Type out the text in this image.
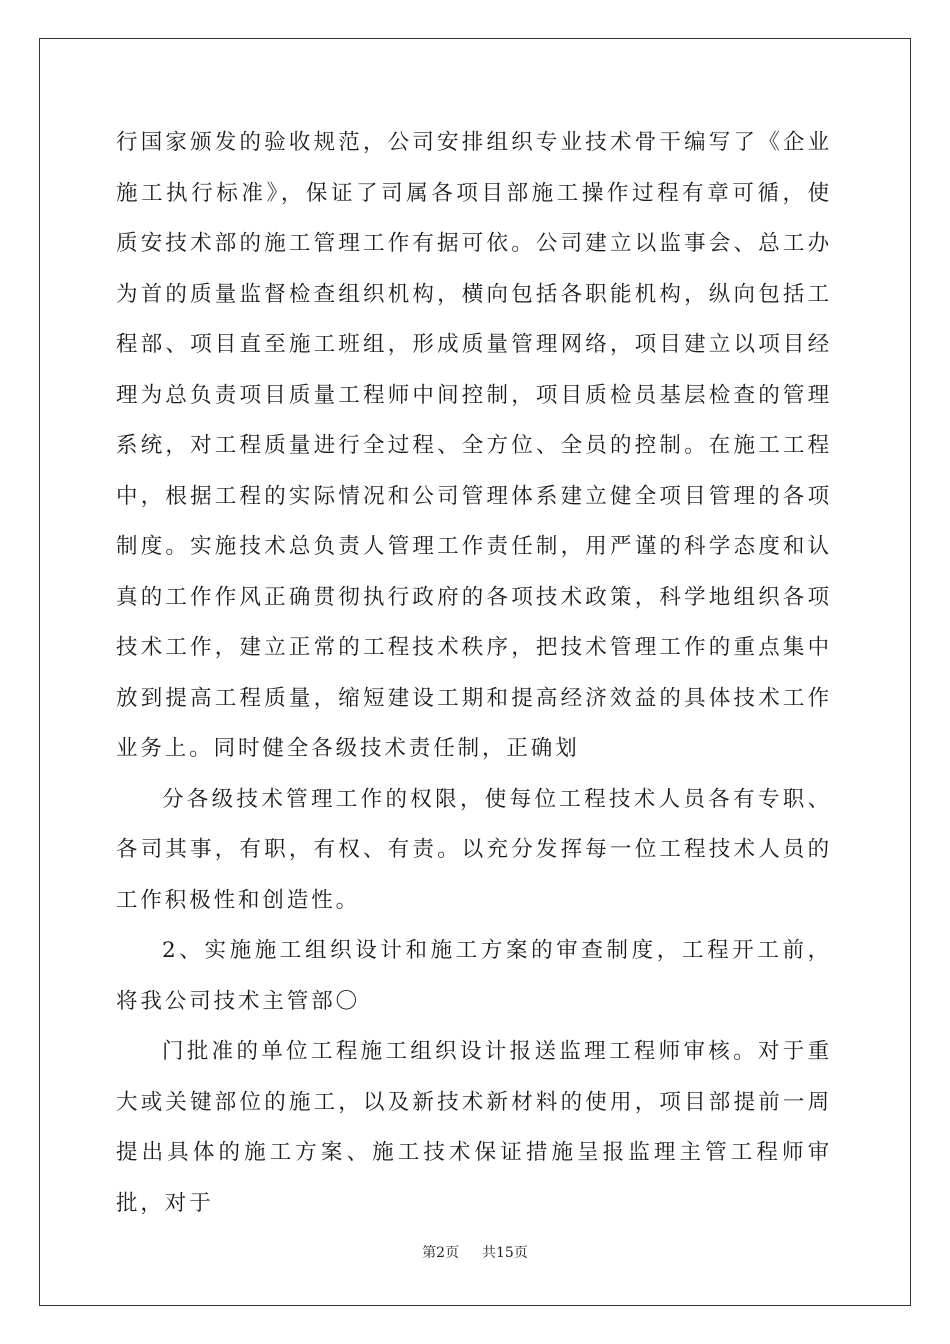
行国家颁发的验收规范，公司安排组织专业技术骨干编写了《企业施工执行标准》，保证了司属各项目部施工操作过程有章可循，使质安技术部的施工管理工作有据可依。公司建立以监事会、总工办为首的质量监督检查组织机构，横向包括各职能机构，纵向包括工程部、项目直至施工班组，形成质量管理网络，项目建立以项目经理为总负责项目质量工程师中间控制，项目质检员基层检查的管理系统，对工程质量进行全过程、全方位、全员的控制。在施工工程中，根据工程的实际情况和公司管理体系建立健全项目管理的各项制度。实施技术总负责人管理工作责任制，用严谨的科学态度和认真的工作作风正确贯彻执行政府的各项技术政策，科学地组织各项技术工作，建立正常的工程技术秩序，把技术管理工作的重点集中放到提高工程质量，缩短建设工期和提高经济效益的具体技术工作业务上。同时健全各级技术责任制，正确划

分各级技术管理工作的权限，使每位工程技术人员各有专职、各司其事，有职，有权、有责。以充分发挥每一位工程技术人员的工作积极性和创造性。

2、实施施工组织设计和施工方案的审查制度，工程开工前，将我公司技术主管部〇

门批准的单位工程施工组织设计报送监理工程师审核。对于重大或关键部位的施工，以及新技术新材料的使用，项目部提前一周提出具体的施工方案、施工技术保证措施呈报监理主管工程师审批，对于

第2页 共15页
